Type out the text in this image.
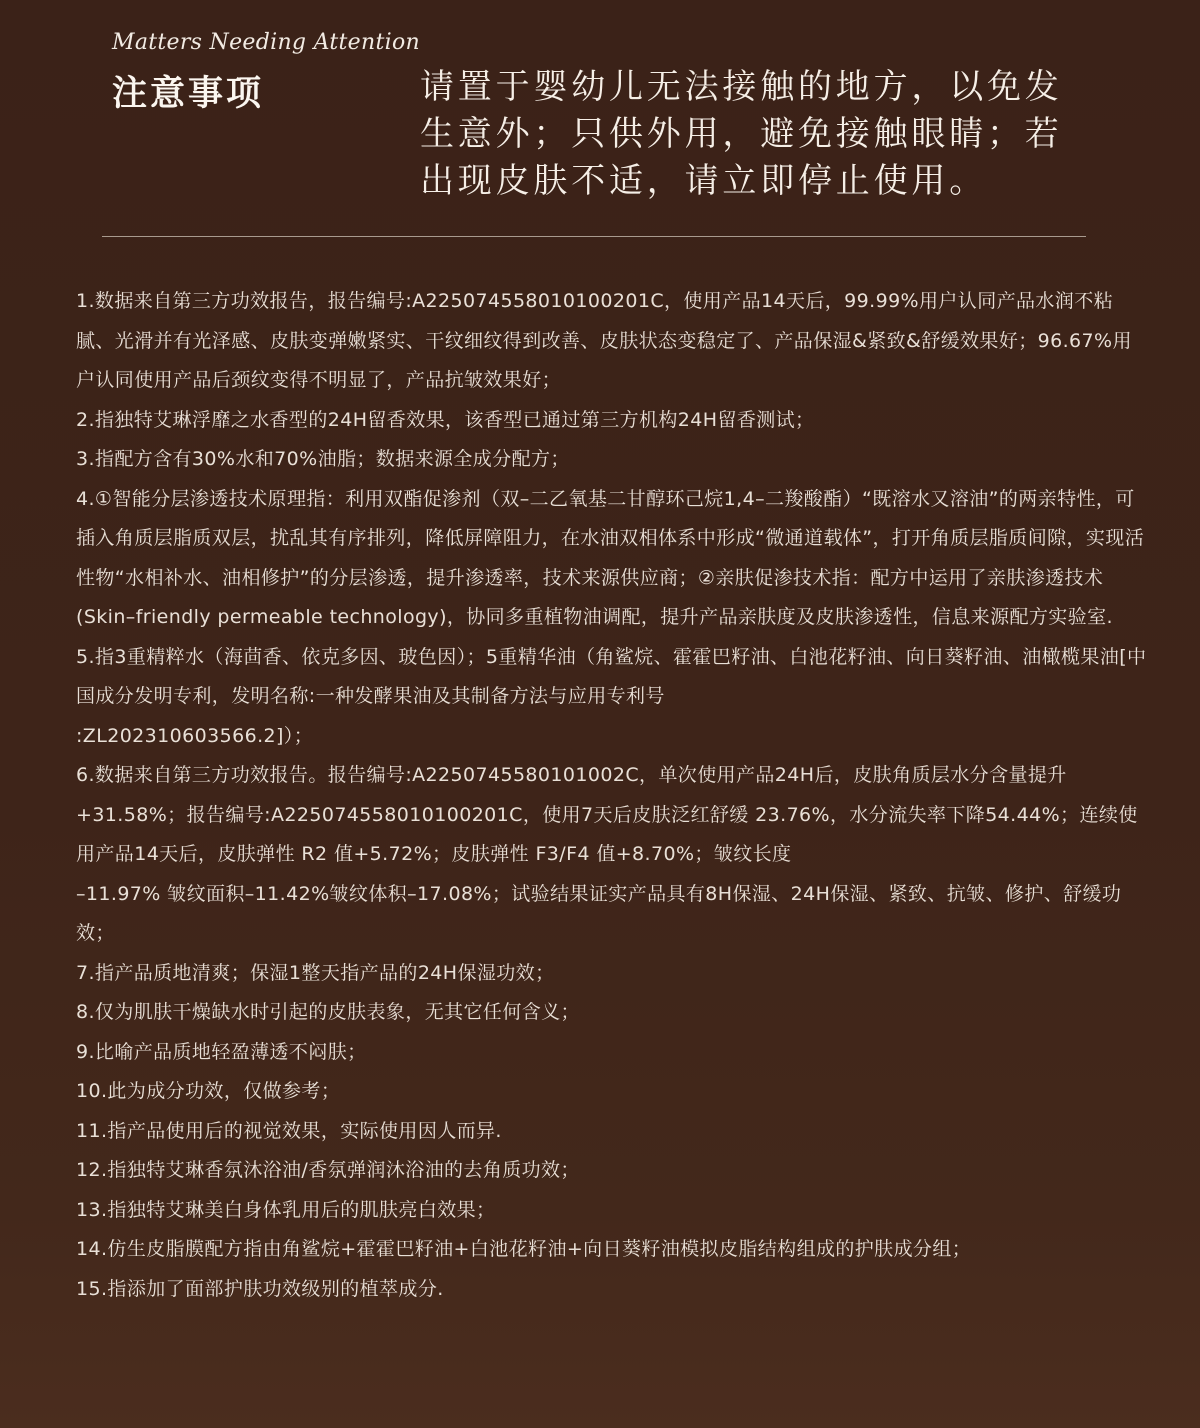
Matters Needing Attention
注意事项	请置于婴幼儿无法接触的地方，以免发生意外；只供外用，避免接触眼睛；若出现皮肤不适，请立即停止使用。

1.数据来自第三方功效报告，报告编号:A225074558010100201C，使用产品14天后，99.99%用户认同产品水润不粘腻、光滑并有光泽感、皮肤变弹嫩紧实、干纹细纹得到改善、皮肤状态变稳定了、产品保湿&紧致&舒缓效果好；96.67%用户认同使用产品后颈纹变得不明显了，产品抗皱效果好；

2.指独特艾琳浮靡之水香型的24H留香效果，该香型已通过第三方机构24H留香测试；

3.指配方含有30%水和70%油脂；数据来源全成分配方；

4.①智能分层渗透技术原理指：利用双酯促渗剂（双–二乙氧基二甘醇环己烷1,4–二羧酸酯）“既溶水又溶油”的两亲特性，可插入角质层脂质双层，扰乱其有序排列，降低屏障阻力，在水油双相体系中形成“微通道载体”，打开角质层脂质间隙，实现活性物“水相补水、油相修护”的分层渗透，提升渗透率，技术来源供应商；②亲肤促渗技术指：配方中运用了亲肤渗透技术(Skin–friendly permeable technology)，协同多重植物油调配，提升产品亲肤度及皮肤渗透性，信息来源配方实验室.

5.指3重精粹水（海茴香、依克多因、玻色因）；5重精华油（角鲨烷、霍霍巴籽油、白池花籽油、向日葵籽油、油橄榄果油[中国成分发明专利，发明名称:一种发酵果油及其制备方法与应用专利号
:ZL202310603566.2]）；

6.数据来自第三方功效报告。报告编号:A2250745580101002C，单次使用产品24H后，皮肤角质层水分含量提升+31.58%；报告编号:A225074558010100201C，使用7天后皮肤泛红舒缓 23.76%，水分流失率下降54.44%；连续使用产品14天后，皮肤弹性 R2 值+5.72%；皮肤弹性 F3/F4 值+8.70%；皱纹长度
–11.97% 皱纹面积–11.42%皱纹体积–17.08%；试验结果证实产品具有8H保湿、24H保湿、紧致、抗皱、修护、舒缓功效；

7.指产品质地清爽；保湿1整天指产品的24H保湿功效；

8.仅为肌肤干燥缺水时引起的皮肤表象，无其它任何含义；

9.比喻产品质地轻盈薄透不闷肤；

10.此为成分功效，仅做参考；

11.指产品使用后的视觉效果，实际使用因人而异.

12.指独特艾琳香氛沐浴油/香氛弹润沐浴油的去角质功效；

13.指独特艾琳美白身体乳用后的肌肤亮白效果；

14.仿生皮脂膜配方指由角鲨烷+霍霍巴籽油+白池花籽油+向日葵籽油模拟皮脂结构组成的护肤成分组；

15.指添加了面部护肤功效级别的植萃成分.
